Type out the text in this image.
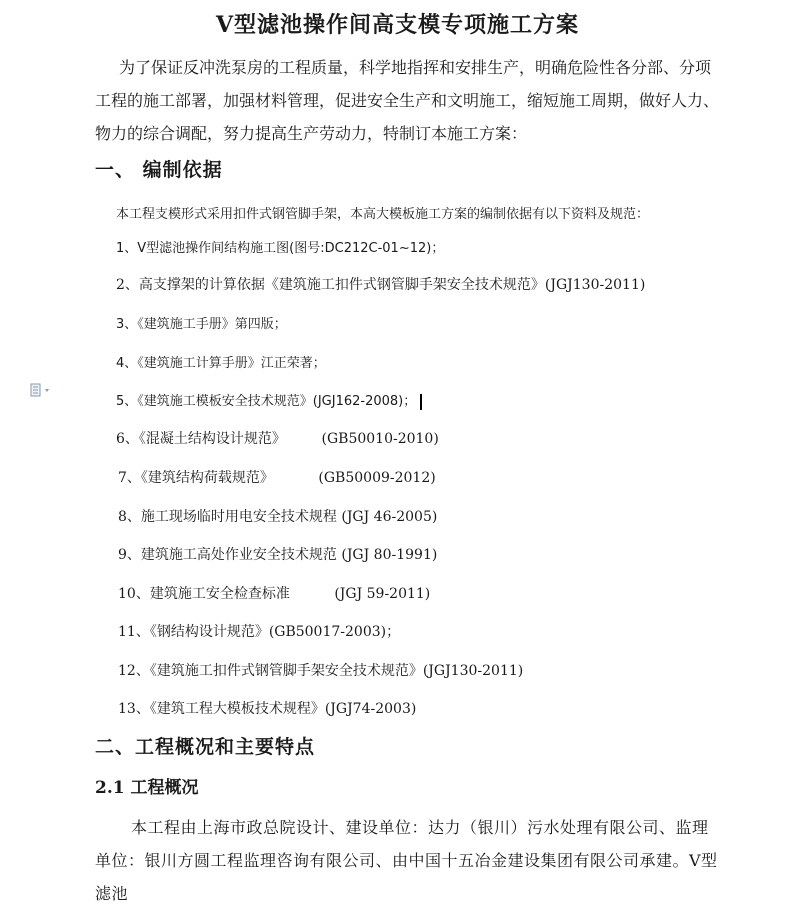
V型滤池操作间高支模专项施工方案
为了保证反冲洗泵房的工程质量，科学地指挥和安排生产，明确危险性各分部、分项工程的施工部署，加强材料管理，促进安全生产和文明施工，缩短施工周期，做好人力、物力的综合调配，努力提高生产劳动力，特制订本施工方案：
一、 编制依据
本工程支模形式采用扣件式钢管脚手架，本高大模板施工方案的编制依据有以下资料及规范：
1、V型滤池操作间结构施工图(图号:DC212C-01~12)；
2、高支撑架的计算依据《建筑施工扣件式钢管脚手架安全技术规范》(JGJ130-2011)
3、《建筑施工手册》第四版；
4、《建筑施工计算手册》江正荣著；
5、《建筑施工模板安全技术规范》(JGJ162-2008)；
6、《混凝土结构设计规范》        (GB50010-2010)
7、《建筑结构荷载规范》          (GB50009-2012)
8、施工现场临时用电安全技术规程 (JGJ 46-2005)
9、建筑施工高处作业安全技术规范 (JGJ 80-1991)
10、建筑施工安全检查标准          (JGJ 59-2011)
11、《钢结构设计规范》(GB50017-2003)；
12、《建筑施工扣件式钢管脚手架安全技术规范》(JGJ130-2011)
13、《建筑工程大模板技术规程》(JGJ74-2003)
二、工程概况和主要特点
2.1 工程概况
本工程由上海市政总院设计、建设单位：达力（银川）污水处理有限公司、监理单位：银川方圆工程监理咨询有限公司、由中国十五冶金建设集团有限公司承建。V型滤池
